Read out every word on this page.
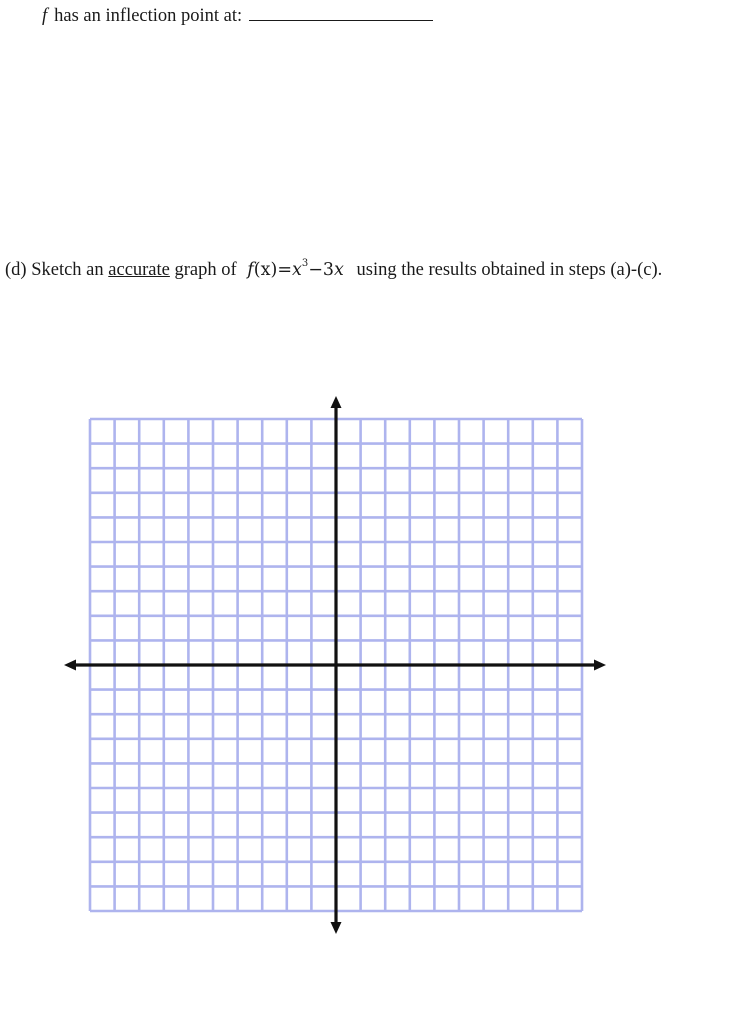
f has an inflection point at:
(d) Sketch an accurate graph of $f(x)=x^3-3x$ using the results obtained in steps (a)-(c).
